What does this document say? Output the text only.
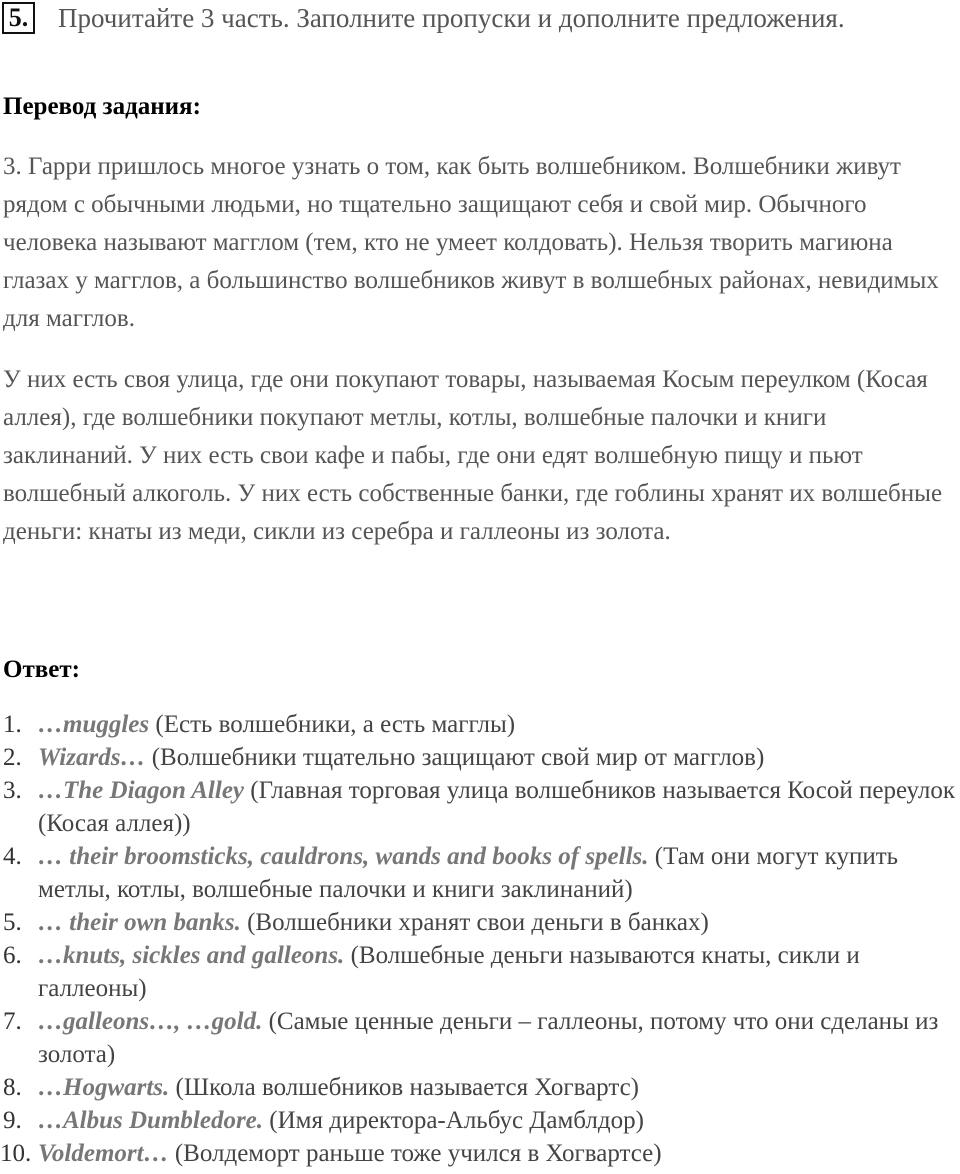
5. Прочитайте 3 часть. Заполните пропуски и дополните предложения.
Перевод задания:

3. Гарри пришлось многое узнать о том, как быть волшебником. Волшебники живут рядом с обычными людьми, но тщательно защищают себя и свой мир. Обычного человека называют магглом (тем, кто не умеет колдовать). Нельзя творить магиюна глазах у магглов, а большинство волшебников живут в волшебных районах, невидимых для магглов.

У них есть своя улица, где они покупают товары, называемая Косым переулком (Косая аллея), где волшебники покупают метлы, котлы, волшебные палочки и книги заклинаний. У них есть свои кафе и пабы, где они едят волшебную пищу и пьют волшебный алкоголь. У них есть собственные банки, где гоблины хранят их волшебные деньги: кнаты из меди, сикли из серебра и галлеоны из золота.

Ответ:
1. …muggles (Есть волшебники, а есть магглы)
2. Wizards… (Волшебники тщательно защищают свой мир от магглов)
3. …The Diagon Alley (Главная торговая улица волшебников называется Косой переулок (Косая аллея))
4. … their broomsticks, cauldrons, wands and books of spells. (Там они могут купить метлы, котлы, волшебные палочки и книги заклинаний)
5. … their own banks. (Волшебники хранят свои деньги в банках)
6. …knuts, sickles and galleons. (Волшебные деньги называются кнаты, сикли и галлеоны)
7. …galleons…, …gold. (Самые ценные деньги – галлеоны, потому что они сделаны из золота)
8. …Hogwarts. (Школа волшебников называется Хогвартс)
9. …Albus Dumbledore. (Имя директора-Альбус Дамблдор)
10. Voldemort… (Волдеморт раньше тоже учился в Хогвартсе)
